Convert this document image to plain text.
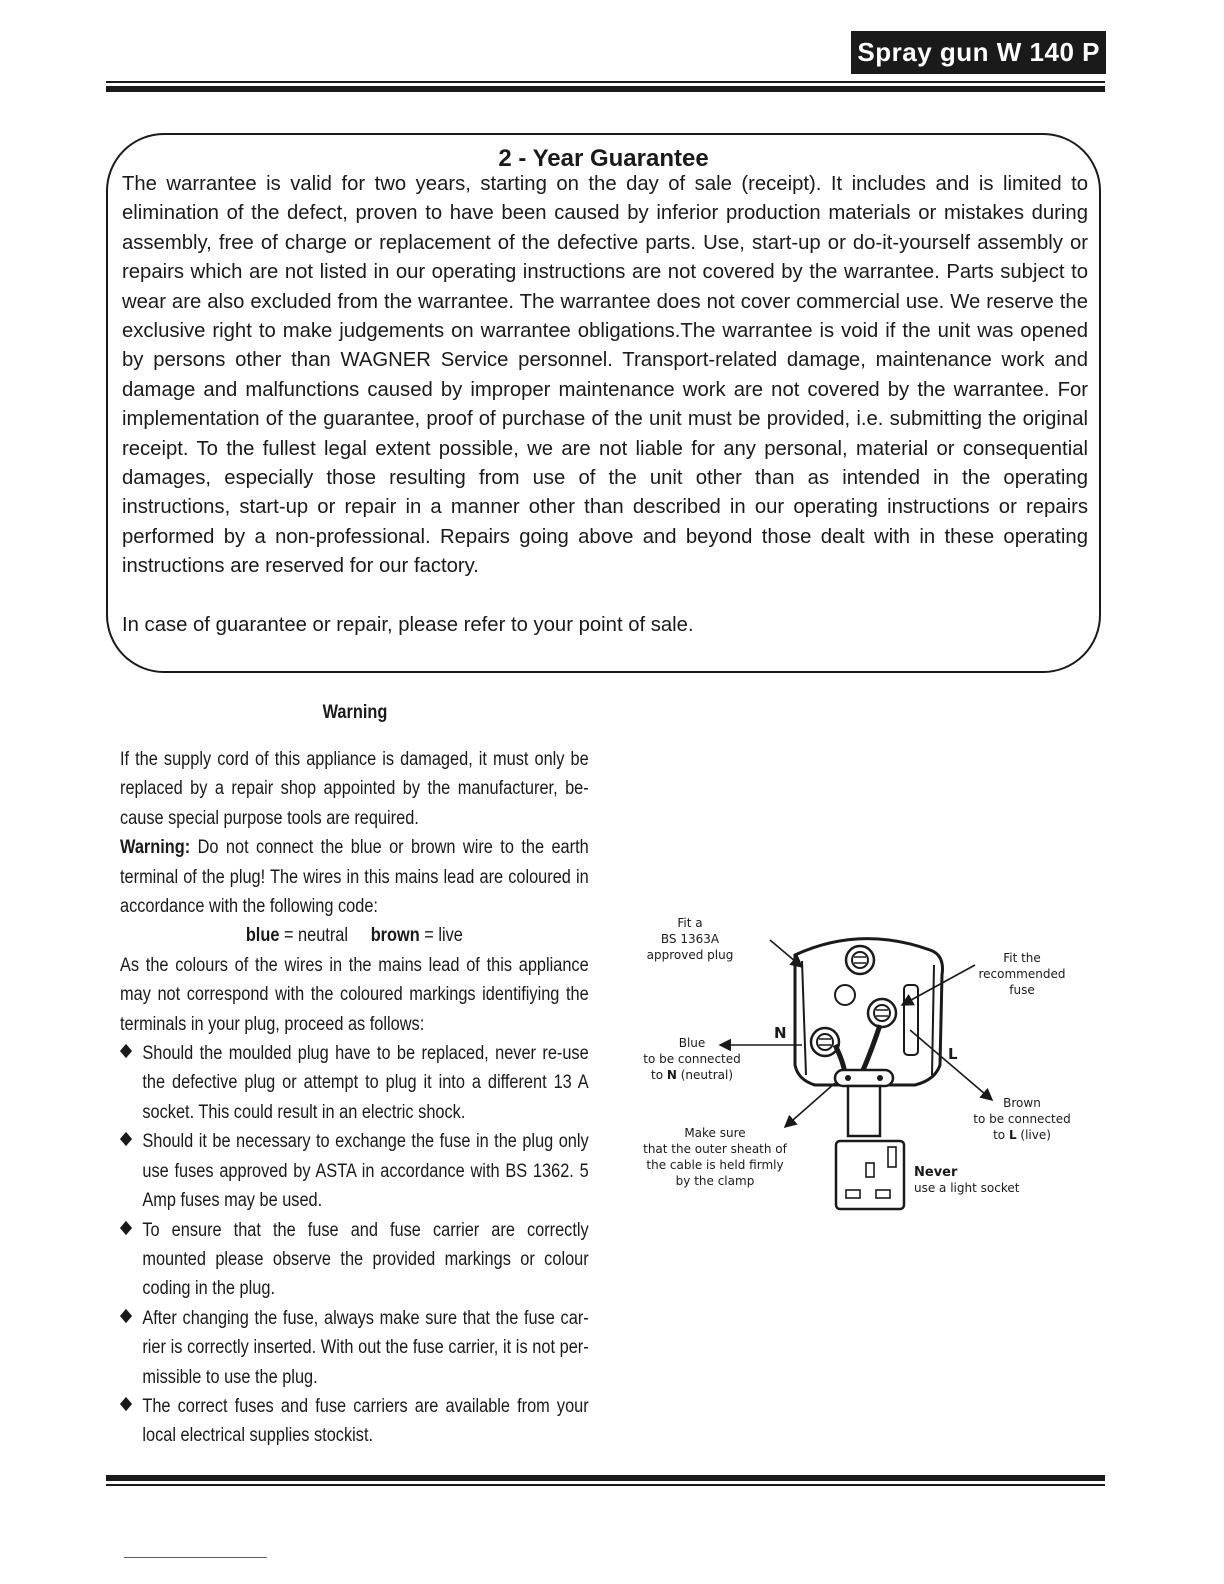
Spray gun W 140 P
2 - Year Guarantee

The warrantee is valid for two years, starting on the day of sale (receipt). It includes and is limited to elimination of the defect, proven to have been caused by inferior production materials or mistakes during assembly, free of charge or replacement of the defective parts. Use, start-up or do-it-yourself assembly or repairs which are not listed in our operating instructions are not covered by the warrantee. Parts subject to wear are also excluded from the warrantee. The warrantee does not cover commercial use. We reserve the exclusive right to make judgements on warrantee obligations.The warrantee is void if the unit was opened by persons other than WAGNER Service personnel. Transport-related damage, maintenance work and damage and malfunctions caused by improper maintenance work are not covered by the warrantee. For implementation of the guarantee, proof of purchase of the unit must be provided, i.e. submitting the original receipt. To the fullest legal extent possible, we are not liable for any personal, material or consequential damages, especially those resulting from use of the unit other than as intended in the operating instructions, start-up or repair in a manner other than described in our operating instructions or repairs performed by a non-professional. Repairs going above and beyond those dealt with in these operating instructions are reserved for our factory.

In case of guarantee or repair, please refer to your point of sale.

Warning

If the supply cord of this appliance is damaged, it must only be replaced by a repair shop appointed by the manufacturer, be-cause special purpose tools are required.

Warning: Do not connect the blue or brown wire to the earth terminal of the plug! The wires in this mains lead are coloured in accordance with the following code:

blue = neutral brown = live

As the colours of the wires in the mains lead of this appliance may not correspond with the coloured markings identifiying the terminals in your plug, proceed as follows:

Should the moulded plug have to be replaced, never re-use the defective plug or attempt to plug it into a different 13 A socket. This could result in an electric shock.
Should it be necessary to exchange the fuse in the plug only use fuses approved by ASTA in accordance with BS 1362. 5 Amp fuses may be used.
To ensure that the fuse and fuse carrier are correctly mounted please observe the provided markings or colour coding in the plug.
After changing the fuse, always make sure that the fuse car-rier is correctly inserted. With out the fuse carrier, it is not per-missible to use the plug.
The correct fuses and fuse carriers are available from your local electrical supplies stockist.
N
L
Fit a
BS 1363A
approved plug	Fit the
recommended
fuse
Blue
to be connected
to N (neutral)
Brown
to be connected
to L (live)
Make sure
that the outer sheath of
the cable is held firmly
by the clamp
Never
use a light socket
